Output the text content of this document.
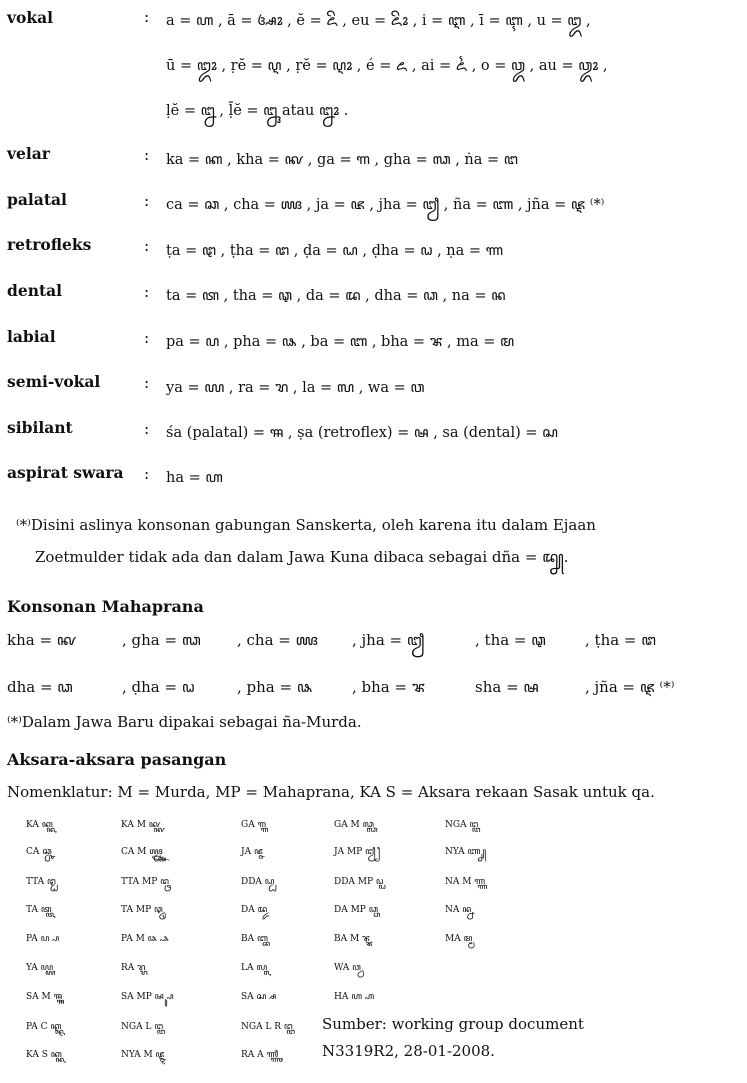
vokal	: a = ꦲ , ā = ꦄꦴ , ĕ = ꦌꦼ , eu = ꦌꦼꦴ , i = ꦆ , ī = ꦇ , u = ꦈ ,
ū = ꦈꦴ , ṛĕ = ꦉ , ṛĕ = ꦉꦴ , é = ꦌ , ai = ꦍ , o = ꦎ , au = ꦎꦴ ,
ḷĕ = ꦊ , ḹĕ = ꦋ atau ꦊꦴ .
velar	: ka = ꦏ , kha = ꦑ , ga = ꦒ , gha = ꦓ , ṅa = ꦔ
palatal	: ca = ꦕ , cha = ꦖ , ja = ꦗ , jha = ꦙ , ña = ꦚ , jña = ꦘ ⁽*⁾
retrofleks	: ṭa = ꦛ , ṭha = ꦜ , ḍa = ꦝ , ḍha = ꦞ , ṇa = ꦟ
dental	: ta = ꦠ , tha = ꦡ , da = ꦢ , dha = ꦣ , na = ꦤ
labial	: pa = ꦥ , pha = ꦦ , ba = ꦧ , bha = ꦨ , ma = ꦩ
semi-vokal	: ya = ꦪ , ra = ꦫ , la = ꦭ , wa = ꦮ
sibilant	: śa (palatal) = ꦯ , ṣa (retroflex) = ꦰ , sa (dental) = ꦱ
aspirat swara : ha = ꦲ
⁽*⁾Disini aslinya konsonan gabungan Sanskerta, oleh karena itu dalam Ejaan
Zoetmulder tidak ada dan dalam Jawa Kuna dibaca sebagai dña = ꦢ꧀ꦚ.
Konsonan Mahaprana
kha = ꦑ	, gha = ꦓ , cha = ꦖ , jha = ꦙ	, tha = ꦡ	, ṭha = ꦜ
dha = ꦣ	, ḍha = ꦞ	, pha = ꦦ	, bha = ꦨ	sha = ꦰ	, jña = ꦘ ⁽*⁾
⁽*⁾Dalam Jawa Baru dipakai sebagai ña-Murda.
Aksara-aksara pasangan
Nomenklatur: M = Murda, MP = Mahaprana, KA S = Aksara rekaan Sasak untuk qa.
KA ꦏ ꧀ꦏ	KA M ꦑ ꧀ꦑ	GA ꦒ ꧀ꦒ	GA M ꦓ ꧀ꦓ	NGA ꦔ ꧀ꦔ
CA ꦕ ꧀ꦕ	CA M ꦖ ꧀ꦖ	JA ꦗ ꧀ꦗ	JA MP ꦙ ꧀ꦙ	NYA ꦚ ꧀ꦚ
TTA ꦛ ꧀ꦛ	TTA MP ꦜ ꧀ꦜ	DDA ꦝ ꧀ꦝ	DDA MP ꦞ ꧀ꦞ	NA M ꦟ ꧀ꦟ
TA ꦠ ꧀ꦠ	TA MP ꦡ ꧀ꦡ	DA ꦢ ꧀ꦢ	DA MP ꦣ ꧀ꦣ	NA ꦤ ꧀ꦤ
PA ꦥ ꧀ꦥ	PA M ꦦ ꧀ꦦ	BA ꦧ ꧀ꦧ	BA M ꦨ ꧀ꦨ	MA ꦩ ꧀ꦩ
YA ꦪ ꧀ꦪ	RA ꦫ ꧀ꦫ	LA ꦭ ꧀ꦭ	WA ꦮ ꧀ꦮ
SA M ꦯ ꧀ꦯ	SA MP ꦰ ꧀ꦰ	SA ꦱ ꧀ꦱ	HA ꦲ ꧀ꦲ
PA C ꦐ ꧀ꦐ	NGA L ꦔ ꧀ꦔ	NGA L R ꦔ ꧀ꦔ
KA S ꦏ ꧀ꦏ	NYA M ꦘ ꧀ꦘ	RA A ꦬ ꧀ꦬ
Sumber: working group document
N3319R2, 28-01-2008.
